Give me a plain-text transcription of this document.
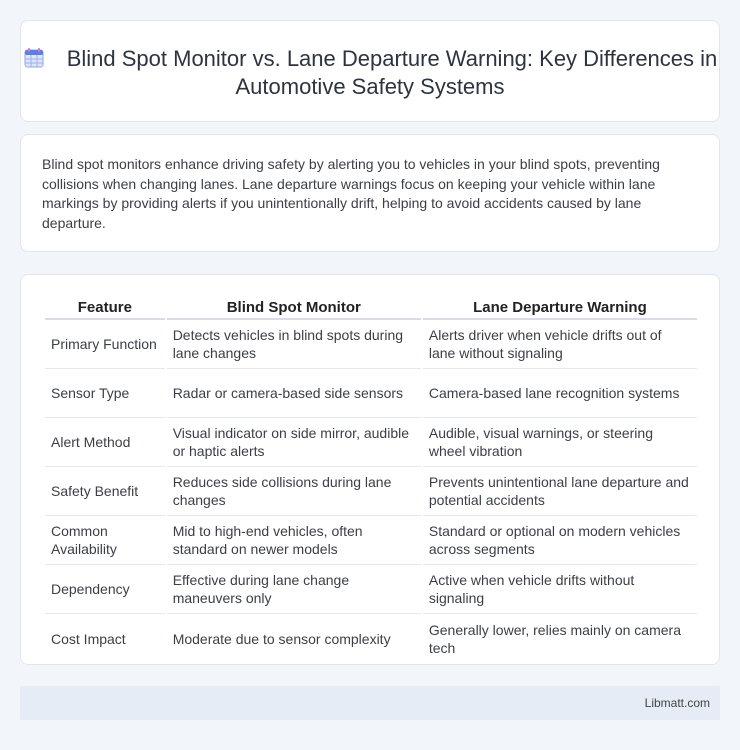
Blind Spot Monitor vs. Lane Departure Warning: Key Differences in Automotive Safety Systems

Blind spot monitors enhance driving safety by alerting you to vehicles in your blind spots, preventing collisions when changing lanes. Lane departure warnings focus on keeping your vehicle within lane markings by providing alerts if you unintentionally drift, helping to avoid accidents caused by lane departure.

Feature	Blind Spot Monitor	Lane Departure Warning
Primary Function	Detects vehicles in blind spots during lane changes	Alerts driver when vehicle drifts out of lane without signaling
Sensor Type	Radar or camera-based side sensors	Camera-based lane recognition systems
Alert Method	Visual indicator on side mirror, audible or haptic alerts	Audible, visual warnings, or steering wheel vibration
Safety Benefit	Reduces side collisions during lane changes	Prevents unintentional lane departure and potential accidents
Common Availability	Mid to high-end vehicles, often standard on newer models	Standard or optional on modern vehicles across segments
Dependency	Effective during lane change maneuvers only	Active when vehicle drifts without signaling
Cost Impact	Moderate due to sensor complexity	Generally lower, relies mainly on camera tech
Libmatt.com
